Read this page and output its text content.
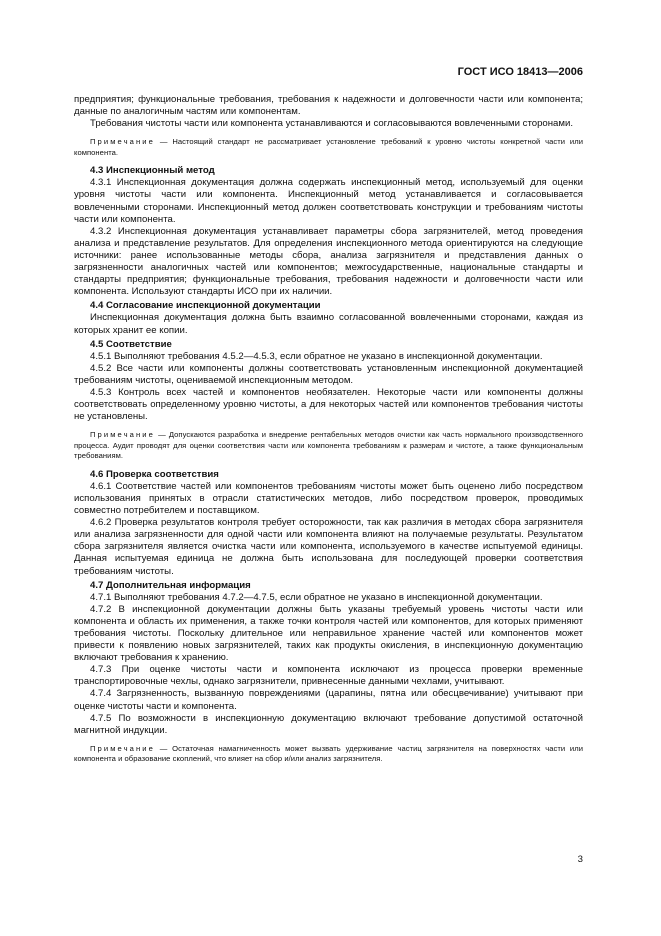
ГОСТ ИСО 18413—2006

предприятия; функциональные требования, требования к надежности и долговечности части или компонента; данные по аналогичным частям или компонентам.

Требования чистоты части или компонента устанавливаются и согласовываются вовлеченными сторонами.

Примечание — Настоящий стандарт не рассматривает установление требований к уровню чистоты конкретной части или компонента.

4.3 Инспекционный метод

4.3.1 Инспекционная документация должна содержать инспекционный метод, используемый для оценки уровня чистоты части или компонента. Инспекционный метод устанавливается и согласовывается вовлеченными сторонами. Инспекционный метод должен соответствовать конструкции и требованиям чистоты части или компонента.

4.3.2 Инспекционная документация устанавливает параметры сбора загрязнителей, метод проведения анализа и представление результатов. Для определения инспекционного метода ориентируются на следующие источники: ранее использованные методы сбора, анализа загрязнителя и представления данных о загрязненности аналогичных частей или компонентов; межгосударственные, национальные стандарты и стандарты предприятия; функциональные требования, требования надежности и долговечности части или компонента. Используют стандарты ИСО при их наличии.

4.4 Согласование инспекционной документации

Инспекционная документация должна быть взаимно согласованной вовлеченными сторонами, каждая из которых хранит ее копии.

4.5 Соответствие

4.5.1 Выполняют требования 4.5.2—4.5.3, если обратное не указано в инспекционной документации.

4.5.2 Все части или компоненты должны соответствовать установленным инспекционной документацией требованиям чистоты, оцениваемой инспекционным методом.

4.5.3 Контроль всех частей и компонентов необязателен. Некоторые части или компоненты должны соответствовать определенному уровню чистоты, а для некоторых частей или компонентов требования чистоты не установлены.

Примечание — Допускаются разработка и внедрение рентабельных методов очистки как часть нормального производственного процесса. Аудит проводят для оценки соответствия части или компонента требованиям к размерам и чистоте, а также функциональным требованиям.

4.6 Проверка соответствия

4.6.1 Соответствие частей или компонентов требованиям чистоты может быть оценено либо посредством использования принятых в отрасли статистических методов, либо посредством проверок, проводимых совместно потребителем и поставщиком.

4.6.2 Проверка результатов контроля требует осторожности, так как различия в методах сбора загрязнителя или анализа загрязненности для одной части или компонента влияют на получаемые результаты. Результатом сбора загрязнителя является очистка части или компонента, используемого в качестве испытуемой единицы. Данная испытуемая единица не должна быть использована для последующей проверки соответствия требованиям чистоты.

4.7 Дополнительная информация

4.7.1 Выполняют требования 4.7.2—4.7.5, если обратное не указано в инспекционной документации.

4.7.2 В инспекционной документации должны быть указаны требуемый уровень чистоты части или компонента и область их применения, а также точки контроля частей или компонентов, для которых применяют требования чистоты. Поскольку длительное или неправильное хранение частей или компонентов может привести к появлению новых загрязнителей, таких как продукты окисления, в инспекционную документацию включают требования к хранению.

4.7.3 При оценке чистоты части и компонента исключают из процесса проверки временные транспортировочные чехлы, однако загрязнители, привнесенные данными чехлами, учитывают.

4.7.4 Загрязненность, вызванную повреждениями (царапины, пятна или обесцвечивание) учитывают при оценке чистоты части и компонента.

4.7.5 По возможности в инспекционную документацию включают требование допустимой остаточной магнитной индукции.

Примечание — Остаточная намагниченность может вызвать удерживание частиц загрязнителя на поверхностях части или компонента и образование скоплений, что влияет на сбор и/или анализ загрязнителя.

3
